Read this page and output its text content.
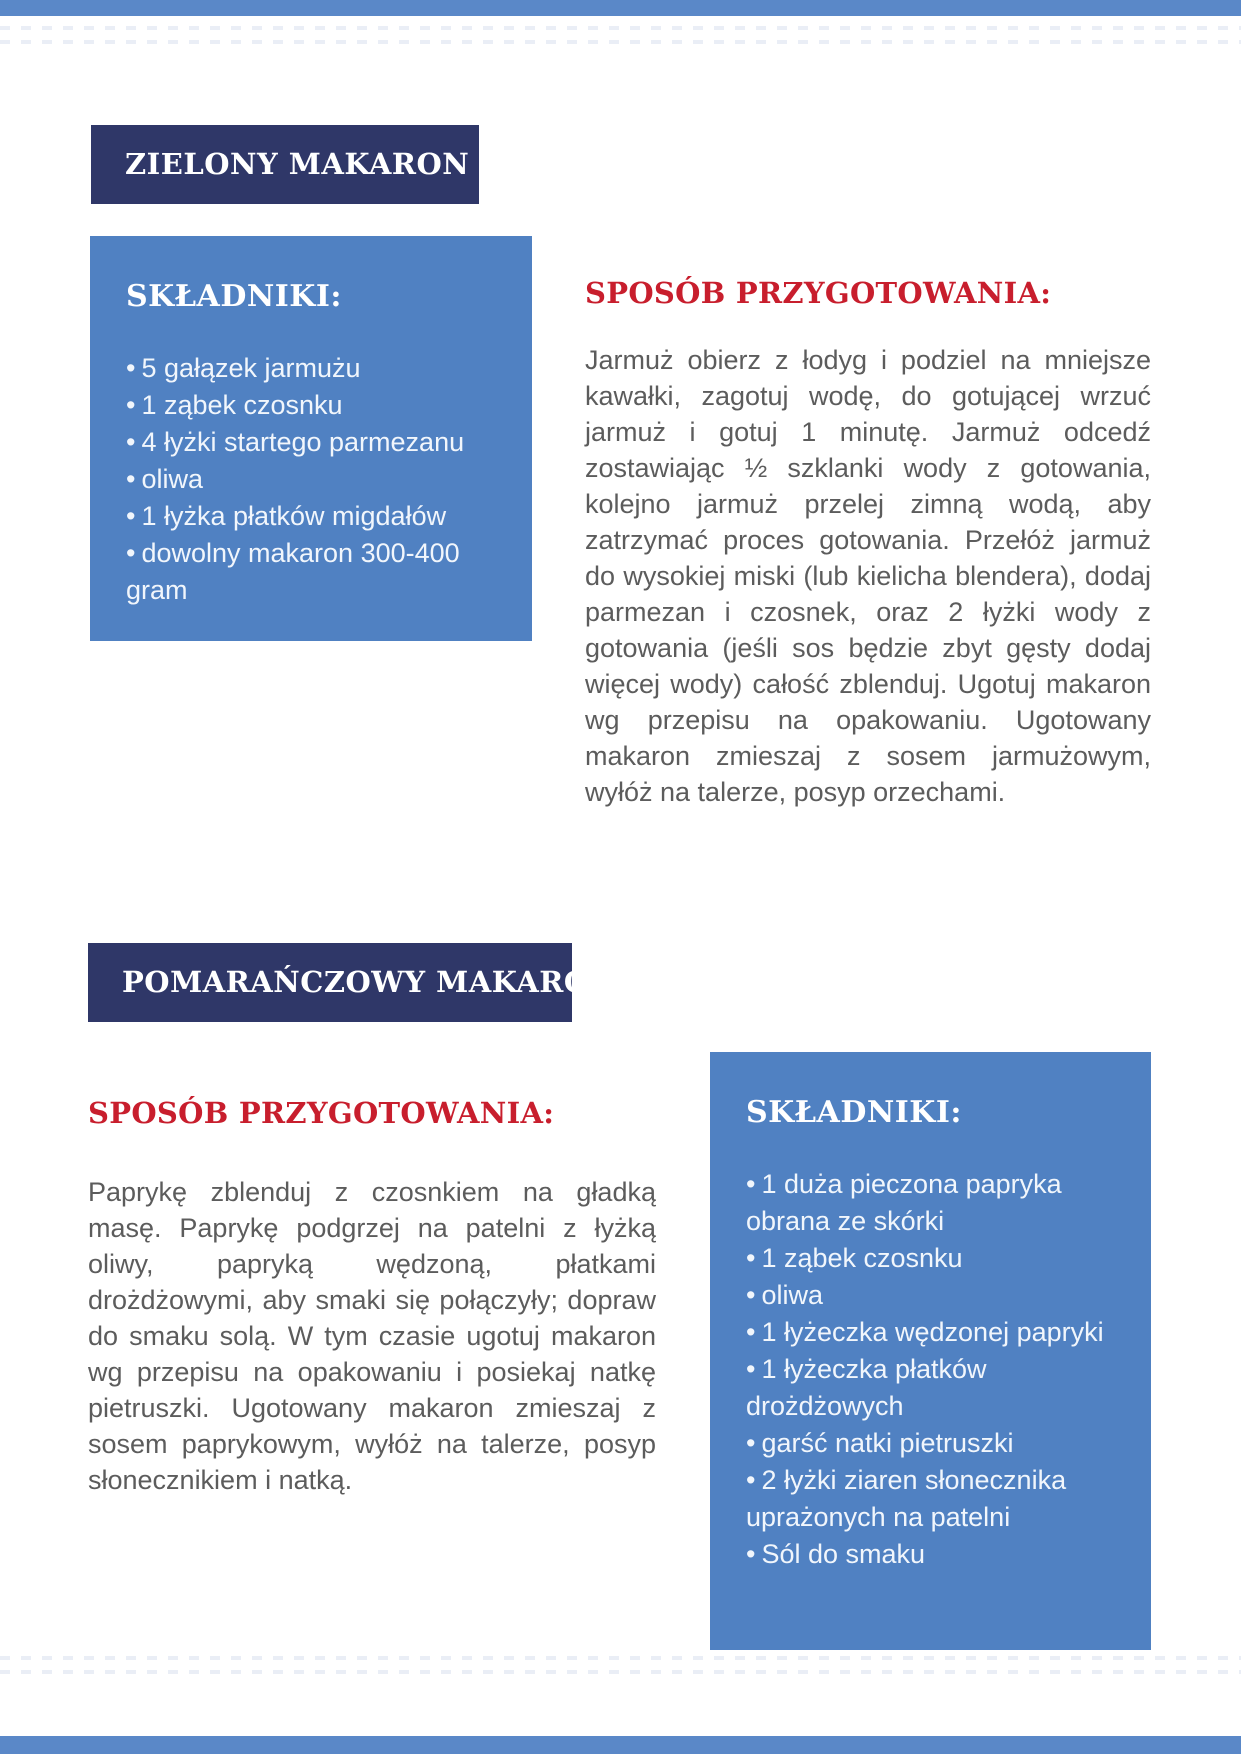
ZIELONY MAKARON
SKŁADNIKI:
• 5 gałązek jarmużu
• 1 ząbek czosnku
• 4 łyżki startego parmezanu
• oliwa
• 1 łyżka płatków migdałów
• dowolny makaron 300-400 gram
SPOSÓB PRZYGOTOWANIA:

Jarmuż obierz z łodyg i podziel na mniejsze kawałki, zagotuj wodę, do gotującej wrzuć jarmuż i gotuj 1 minutę. Jarmuż odcedź zostawiając ½ szklanki wody z gotowania, kolejno jarmuż przelej zimną wodą, aby zatrzymać proces gotowania. Przełóż jarmuż do wysokiej miski (lub kielicha blendera), dodaj parmezan i czosnek, oraz 2 łyżki wody z gotowania (jeśli sos będzie zbyt gęsty dodaj więcej wody) całość zblenduj. Ugotuj makaron wg przepisu na opakowaniu. Ugotowany makaron zmieszaj z sosem jarmużowym, wyłóż na talerze, posyp orzechami.

POMARAŃCZOWY MAKARON
SPOSÓB PRZYGOTOWANIA:

Paprykę zblenduj z czosnkiem na gładką masę. Paprykę podgrzej na patelni z łyżką oliwy, papryką wędzoną, płatkami drożdżowymi, aby smaki się połączyły; dopraw do smaku solą. W tym czasie ugotuj makaron wg przepisu na opakowaniu i posiekaj natkę pietruszki. Ugotowany makaron zmieszaj z sosem paprykowym, wyłóż na talerze, posyp słonecznikiem i natką.

SKŁADNIKI:
• 1 duża pieczona papryka obrana ze skórki
• 1 ząbek czosnku
• oliwa
• 1 łyżeczka wędzonej papryki
• 1 łyżeczka płatków drożdżowych
• garść natki pietruszki
• 2 łyżki ziaren słonecznika uprażonych na patelni
• Sól do smaku
